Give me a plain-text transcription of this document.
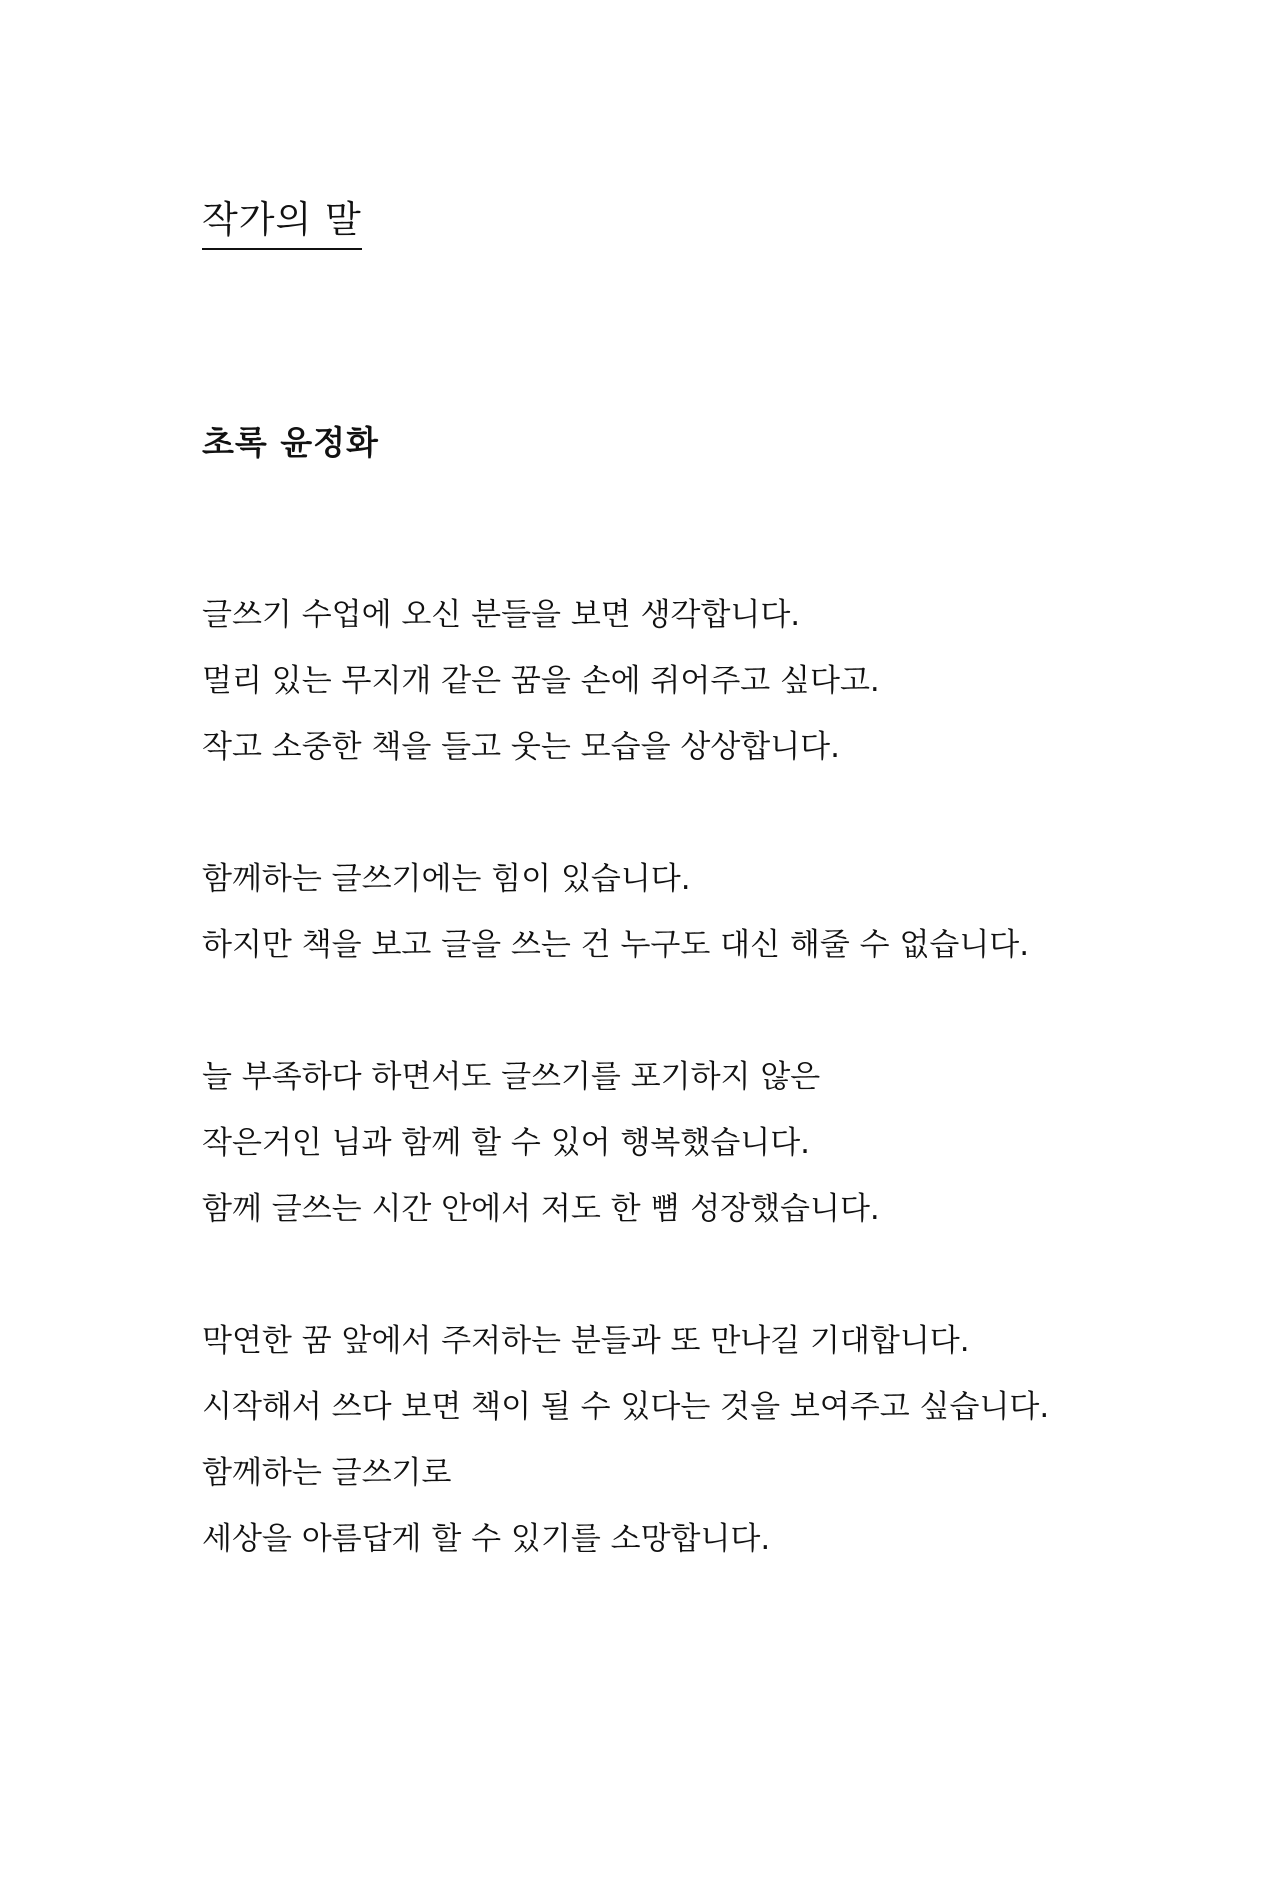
작가의 말
초록 윤정화
글쓰기 수업에 오신 분들을 보면 생각합니다.
멀리 있는 무지개 같은 꿈을 손에 쥐어주고 싶다고.
작고 소중한 책을 들고 웃는 모습을 상상합니다.
함께하는 글쓰기에는 힘이 있습니다.
하지만 책을 보고 글을 쓰는 건 누구도 대신 해줄 수 없습니다.
늘 부족하다 하면서도 글쓰기를 포기하지 않은
작은거인 님과 함께 할 수 있어 행복했습니다.
함께 글쓰는 시간 안에서 저도 한 뼘 성장했습니다.
막연한 꿈 앞에서 주저하는 분들과 또 만나길 기대합니다.
시작해서 쓰다 보면 책이 될 수 있다는 것을 보여주고 싶습니다.
함께하는 글쓰기로
세상을 아름답게 할 수 있기를 소망합니다.
